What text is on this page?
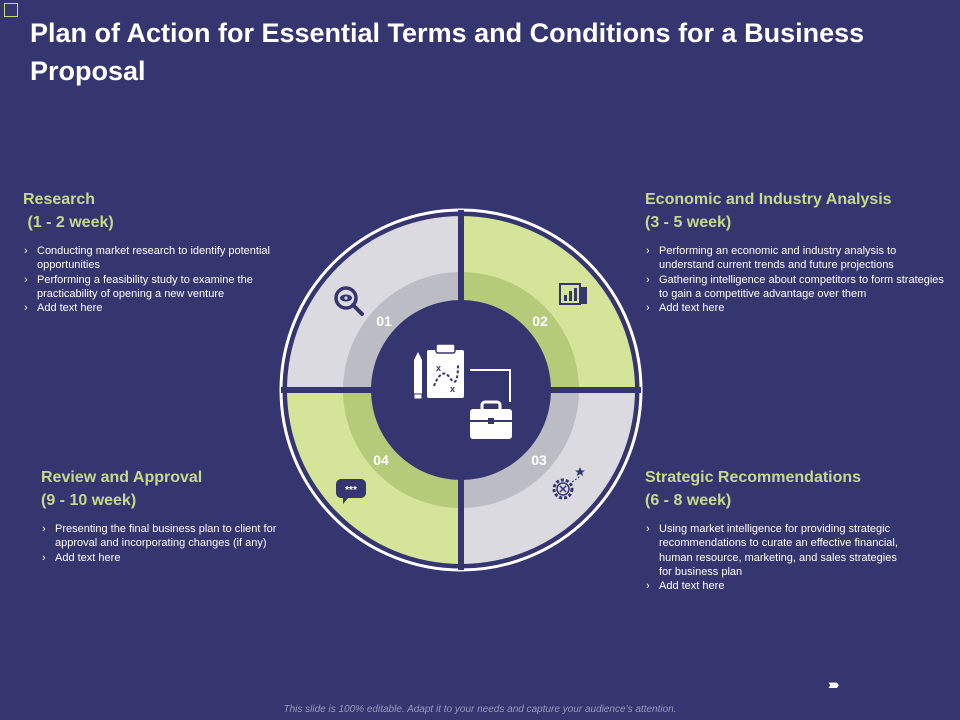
Plan of Action for Essential Terms and Conditions for a Business Proposal
Research
(1 - 2 week)
› Conducting market research to identify potential opportunities
› Performing a feasibility study to examine the practicability of opening a new venture
› Add text here
Economic and Industry Analysis
(3 - 5 week)
› Performing an economic and industry analysis to understand current trends and future projections
› Gathering intelligence about competitors to form strategies to gain a competitive advantage over them
› Add text here
Strategic Recommendations
(6 - 8 week)
› Using market intelligence for providing strategic recommendations to curate an effective financial, human resource, marketing, and sales strategies for business plan
› Add text here
Review and Approval
(9 - 10 week)
› Presenting the final business plan to client for approval and incorporating changes (if any)
› Add text here
01	02
03
04
***
x
x
›››››
This slide is 100% editable. Adapt it to your needs and capture your audience’s attention.
